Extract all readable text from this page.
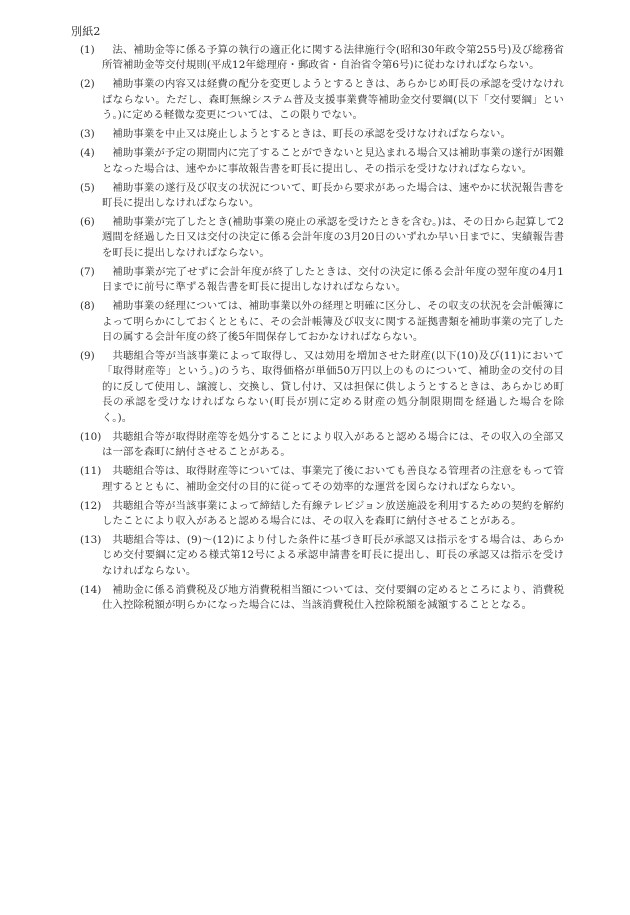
別紙2
(1)	法、補助金等に係る予算の執行の適正化に関する法律施行令(昭和30年政令第255号)及び総務省所管補助金等交付規則(平成12年総理府・郵政省・自治省令第6号)に従わなければならない。
(2)	補助事業の内容又は経費の配分を変更しようとするときは、あらかじめ町長の承認を受けなければならない。ただし、森町無線システム普及支援事業費等補助金交付要綱(以下「交付要綱」という。)に定める軽微な変更については、この限りでない。
(3)	補助事業を中止又は廃止しようとするときは、町長の承認を受けなければならない。
(4)	補助事業が予定の期間内に完了することができないと見込まれる場合又は補助事業の遂行が困難となった場合は、速やかに事故報告書を町長に提出し、その指示を受けなければならない。
(5)	補助事業の遂行及び収支の状況について、町長から要求があった場合は、速やかに状況報告書を町長に提出しなければならない。
(6)	補助事業が完了したとき(補助事業の廃止の承認を受けたときを含む。)は、その日から起算して2週間を経過した日又は交付の決定に係る会計年度の3月20日のいずれか早い日までに、実績報告書を町長に提出しなければならない。
(7)	補助事業が完了せずに会計年度が終了したときは、交付の決定に係る会計年度の翌年度の4月1日までに前号に準ずる報告書を町長に提出しなければならない。
(8)	補助事業の経理については、補助事業以外の経理と明確に区分し、その収支の状況を会計帳簿によって明らかにしておくとともに、その会計帳簿及び収支に関する証拠書類を補助事業の完了した日の属する会計年度の終了後5年間保存しておかなければならない。
(9)	共聴組合等が当該事業によって取得し、又は効用を増加させた財産(以下(10)及び(11)において「取得財産等」という。)のうち、取得価格が単価50万円以上のものについて、補助金の交付の目的に反して使用し、譲渡し、交換し、貸し付け、又は担保に供しようとするときは、あらかじめ町長の承認を受けなければならない(町長が別に定める財産の処分制限期間を経過した場合を除く。)。
(10)	共聴組合等が取得財産等を処分することにより収入があると認める場合には、その収入の全部又は一部を森町に納付させることがある。
(11)	共聴組合等は、取得財産等については、事業完了後においても善良なる管理者の注意をもって管理するとともに、補助金交付の目的に従ってその効率的な運営を図らなければならない。
(12)	共聴組合等が当該事業によって締結した有線テレビジョン放送施設を利用するための契約を解約したことにより収入があると認める場合には、その収入を森町に納付させることがある。
(13)	共聴組合等は、(9)～(12)により付した条件に基づき町長が承認又は指示をする場合は、あらかじめ交付要綱に定める様式第12号による承認申請書を町長に提出し、町長の承認又は指示を受けなければならない。
(14)	補助金に係る消費税及び地方消費税相当額については、交付要綱の定めるところにより、消費税仕入控除税額が明らかになった場合には、当該消費税仕入控除税額を減額することとなる。
